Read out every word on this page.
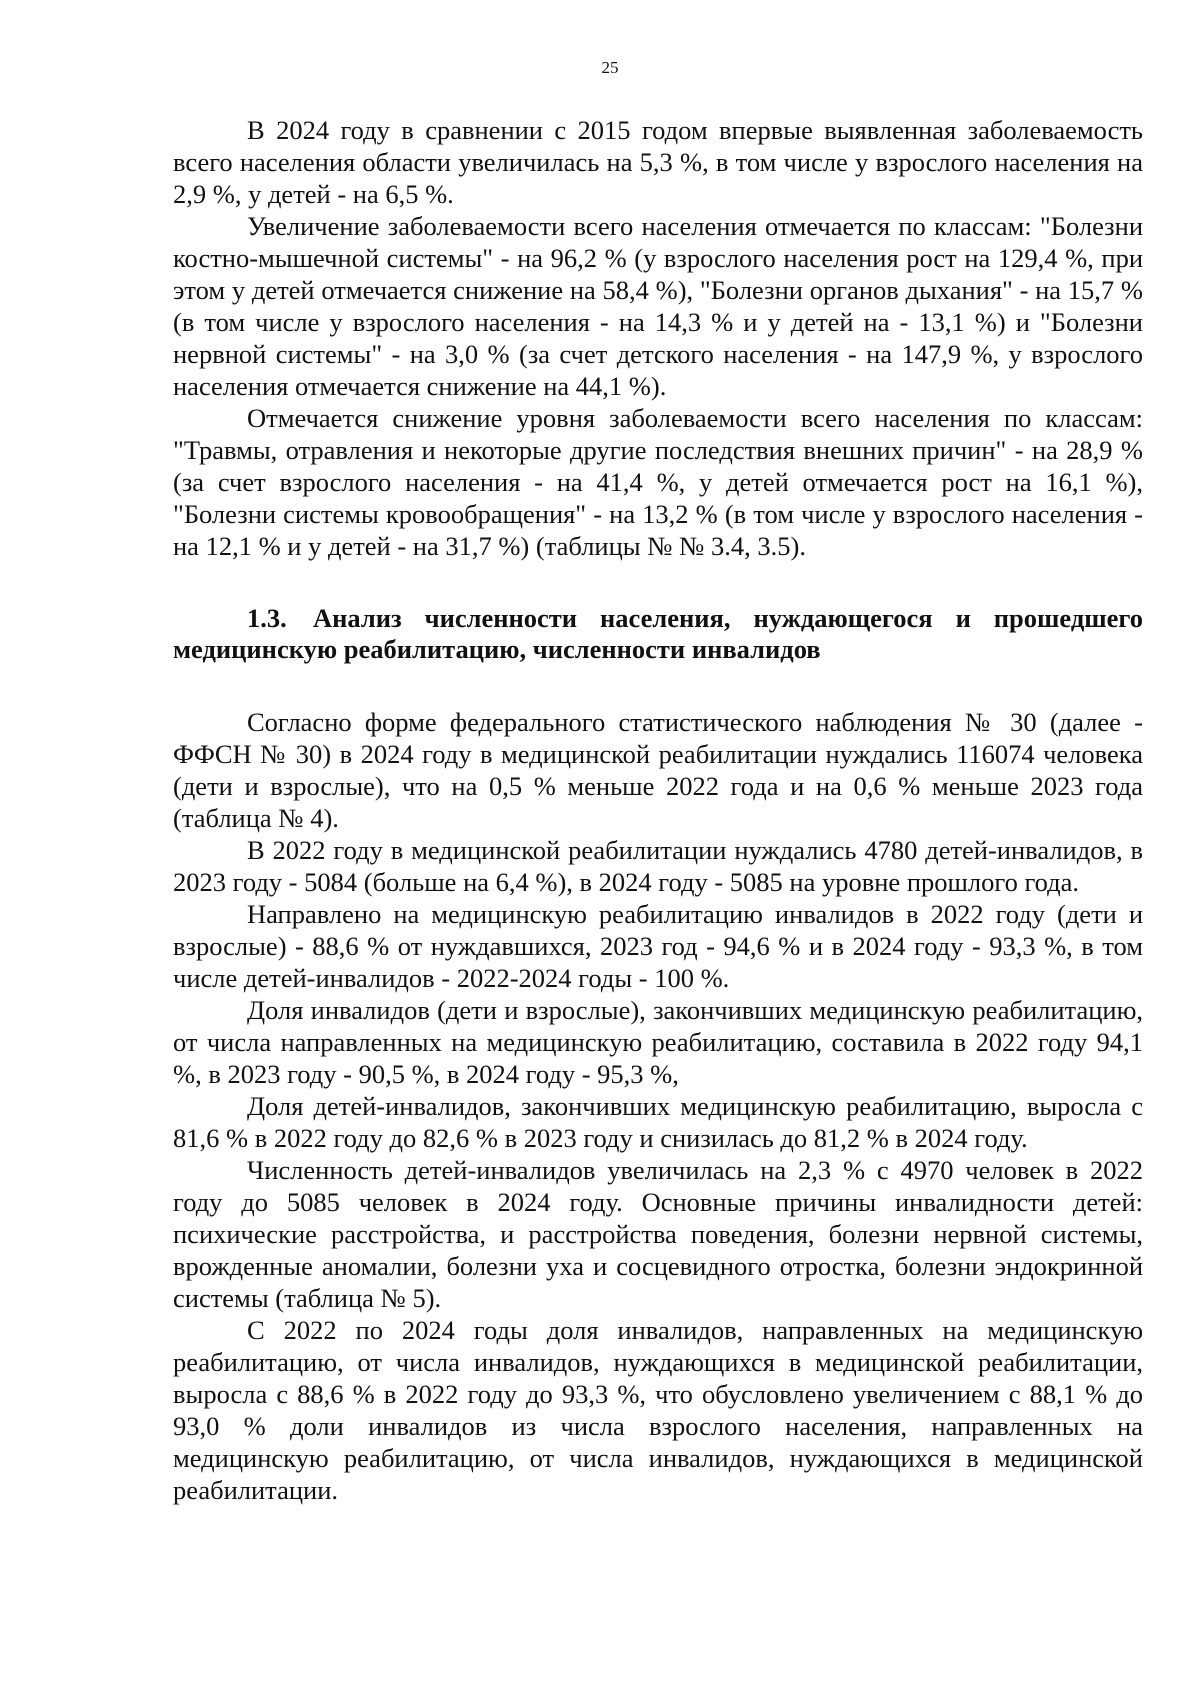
25

В 2024 году в сравнении с 2015 годом впервые выявленная заболеваемость всего населения области увеличилась на 5,3 %, в том числе у взрослого населения на 2,9 %, у детей - на 6,5 %.

Увеличение заболеваемости всего населения отмечается по классам: "Болезни костно-мышечной системы" - на 96,2 % (у взрослого населения рост на 129,4 %, при этом у детей отмечается снижение на 58,4 %), "Болезни органов дыхания" - на 15,7 % (в том числе у взрослого населения - на 14,3 % и у детей на - 13,1 %) и "Болезни нервной системы" - на 3,0 % (за счет детского населения - на 147,9 %, у взрослого населения отмечается снижение на 44,1 %).

Отмечается снижение уровня заболеваемости всего населения по классам: "Травмы, отравления и некоторые другие последствия внешних причин" - на 28,9 % (за счет взрослого населения - на 41,4 %, у детей отмечается рост на 16,1 %), "Болезни системы кровообращения" - на 13,2 % (в том числе у взрослого населения - на 12,1 % и у детей - на 31,7 %) (таблицы № № 3.4, 3.5).

1.3. Анализ численности населения, нуждающегося и прошедшего медицинскую реабилитацию, численности инвалидов

Согласно форме федерального статистического наблюдения № 30 (далее - ФФСН № 30) в 2024 году в медицинской реабилитации нуждались 116074 человека (дети и взрослые), что на 0,5 % меньше 2022 года и на 0,6 % меньше 2023 года (таблица № 4).

В 2022 году в медицинской реабилитации нуждались 4780 детей-инвалидов, в 2023 году - 5084 (больше на 6,4 %), в 2024 году - 5085 на уровне прошлого года.

Направлено на медицинскую реабилитацию инвалидов в 2022 году (дети и взрослые) - 88,6 % от нуждавшихся, 2023 год - 94,6 % и в 2024 году - 93,3 %, в том числе детей-инвалидов - 2022-2024 годы - 100 %.

Доля инвалидов (дети и взрослые), закончивших медицинскую реабилитацию, от числа направленных на медицинскую реабилитацию, составила в 2022 году 94,1 %, в 2023 году - 90,5 %, в 2024 году - 95,3 %,

Доля детей-инвалидов, закончивших медицинскую реабилитацию, выросла с 81,6 % в 2022 году до 82,6 % в 2023 году и снизилась до 81,2 % в 2024 году.

Численность детей-инвалидов увеличилась на 2,3 % с 4970 человек в 2022 году до 5085 человек в 2024 году. Основные причины инвалидности детей: психические расстройства, и расстройства поведения, болезни нервной системы, врожденные аномалии, болезни уха и сосцевидного отростка, болезни эндокринной системы (таблица № 5).

С 2022 по 2024 годы доля инвалидов, направленных на медицинскую реабилитацию, от числа инвалидов, нуждающихся в медицинской реабилитации, выросла с 88,6 % в 2022 году до 93,3 %, что обусловлено увеличением с 88,1 % до 93,0 % доли инвалидов из числа взрослого населения, направленных на медицинскую реабилитацию, от числа инвалидов, нуждающихся в медицинской реабилитации.
